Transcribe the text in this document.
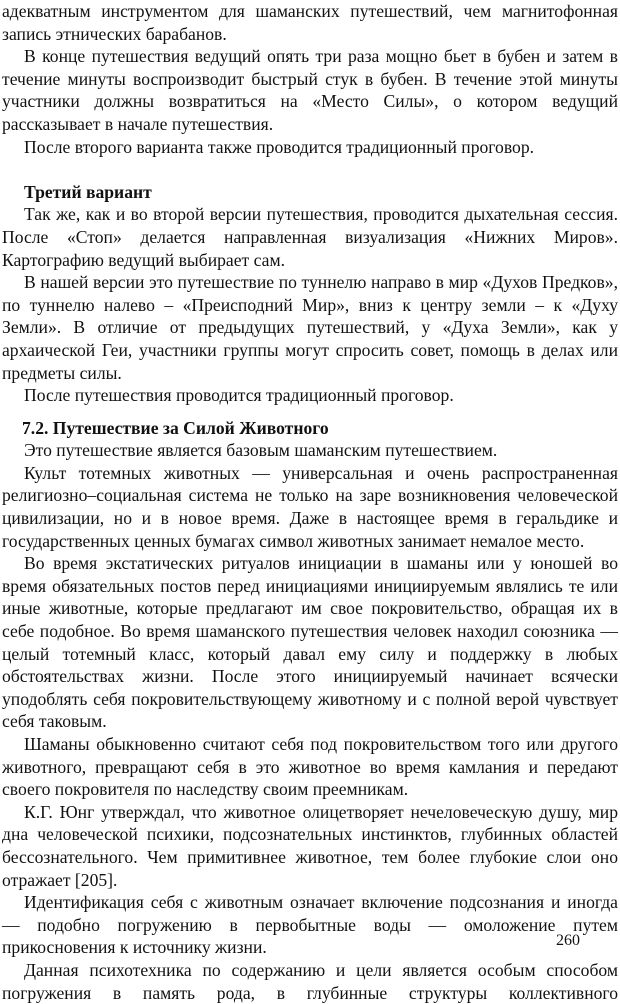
адекватным инструментом для шаманских путешествий, чем магнитофонная запись этнических барабанов.

В конце путешествия ведущий опять три раза мощно бьет в бубен и затем в течение минуты воспроизводит быстрый стук в бубен. В течение этой минуты участники должны возвратиться на «Место Силы», о котором ведущий рассказывает в начале путешествия.

После второго варианта также проводится традиционный проговор.

Третий вариант

Так же, как и во второй версии путешествия, проводится дыхательная сессия. После «Стоп» делается направленная визуализация «Нижних Миров». Картографию ведущий выбирает сам.

В нашей версии это путешествие по туннелю направо в мир «Духов Предков», по туннелю налево – «Преисподний Мир», вниз к центру земли – к «Духу Земли». В отличие от предыдущих путешествий, у «Духа Земли», как у архаической Геи, участники группы могут спросить совет, помощь в делах или предметы силы.

После путешествия проводится традиционный проговор.

7.2. Путешествие за Силой Животного

Это путешествие является базовым шаманским путешествием.

Культ тотемных животных — универсальная и очень распространенная религиозно–социальная система не только на заре возникновения человеческой цивилизации, но и в новое время. Даже в настоящее время в геральдике и государственных ценных бумагах символ животных занимает немалое место.

Во время экстатических ритуалов инициации в шаманы или у юношей во время обязательных постов перед инициациями инициируемым являлись те или иные животные, которые предлагают им свое покровительство, обращая их в себе подобное. Во время шаманского путешествия человек находил союзника — целый тотемный класс, который давал ему силу и поддержку в любых обстоятельствах жизни. После этого инициируемый начинает всячески уподоблять себя покровительствующему животному и с полной верой чувствует себя таковым.

Шаманы обыкновенно считают себя под покровительством того или другого животного, превращают себя в это животное во время камлания и передают своего покровителя по наследству своим преемникам.

К.Г. Юнг утверждал, что животное олицетворяет нечеловеческую душу, мир дна человеческой психики, подсознательных инстинктов, глубинных областей бессознательного. Чем примитивнее животное, тем более глубокие слои оно отражает [205].

Идентификация себя с животным означает включение подсознания и иногда — подобно погружению в первобытные воды — омоложение путем прикосновения к источнику жизни.

Данная психотехника по содержанию и цели является особым способом погружения в память рода, в глубинные структуры коллективного

260
